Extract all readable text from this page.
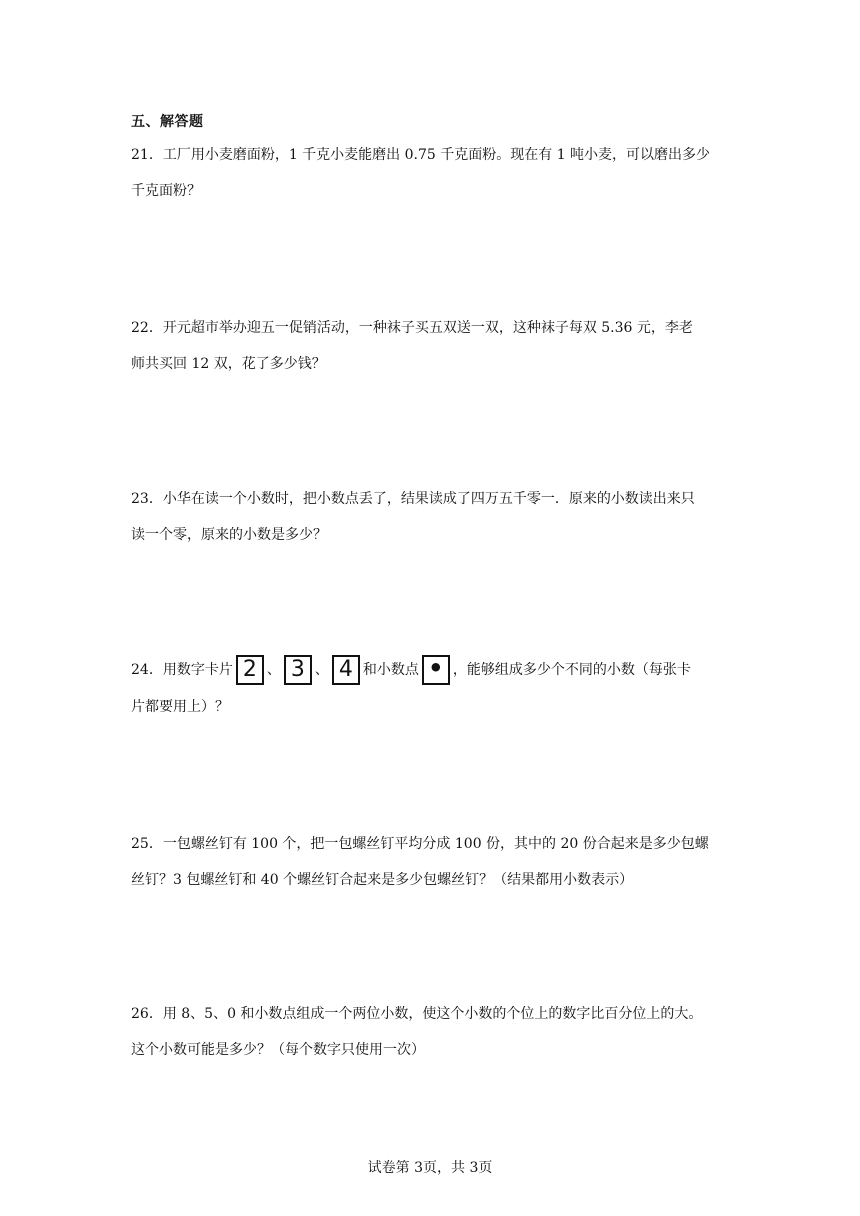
五、解答题

21．工厂用小麦磨面粉，1 千克小麦能磨出 0.75 千克面粉。现在有 1 吨小麦，可以磨出多少

千克面粉？

22．开元超市举办迎五一促销活动，一种袜子买五双送一双，这种袜子每双 5.36 元，李老

师共买回 12 双，花了多少钱？

23．小华在读一个小数时，把小数点丢了，结果读成了四万五千零一．原来的小数读出来只

读一个零，原来的小数是多少？

24．用数字卡片 2 、 3 、 4 和小数点 • ，能够组成多少个不同的小数（每张卡

片都要用上）？

25．一包螺丝钉有 100 个，把一包螺丝钉平均分成 100 份，其中的 20 份合起来是多少包螺

丝钉？3 包螺丝钉和 40 个螺丝钉合起来是多少包螺丝钉？（结果都用小数表示）

26．用 8、5、0 和小数点组成一个两位小数，使这个小数的个位上的数字比百分位上的大。

这个小数可能是多少？（每个数字只使用一次）

试卷第 3页，共 3页
